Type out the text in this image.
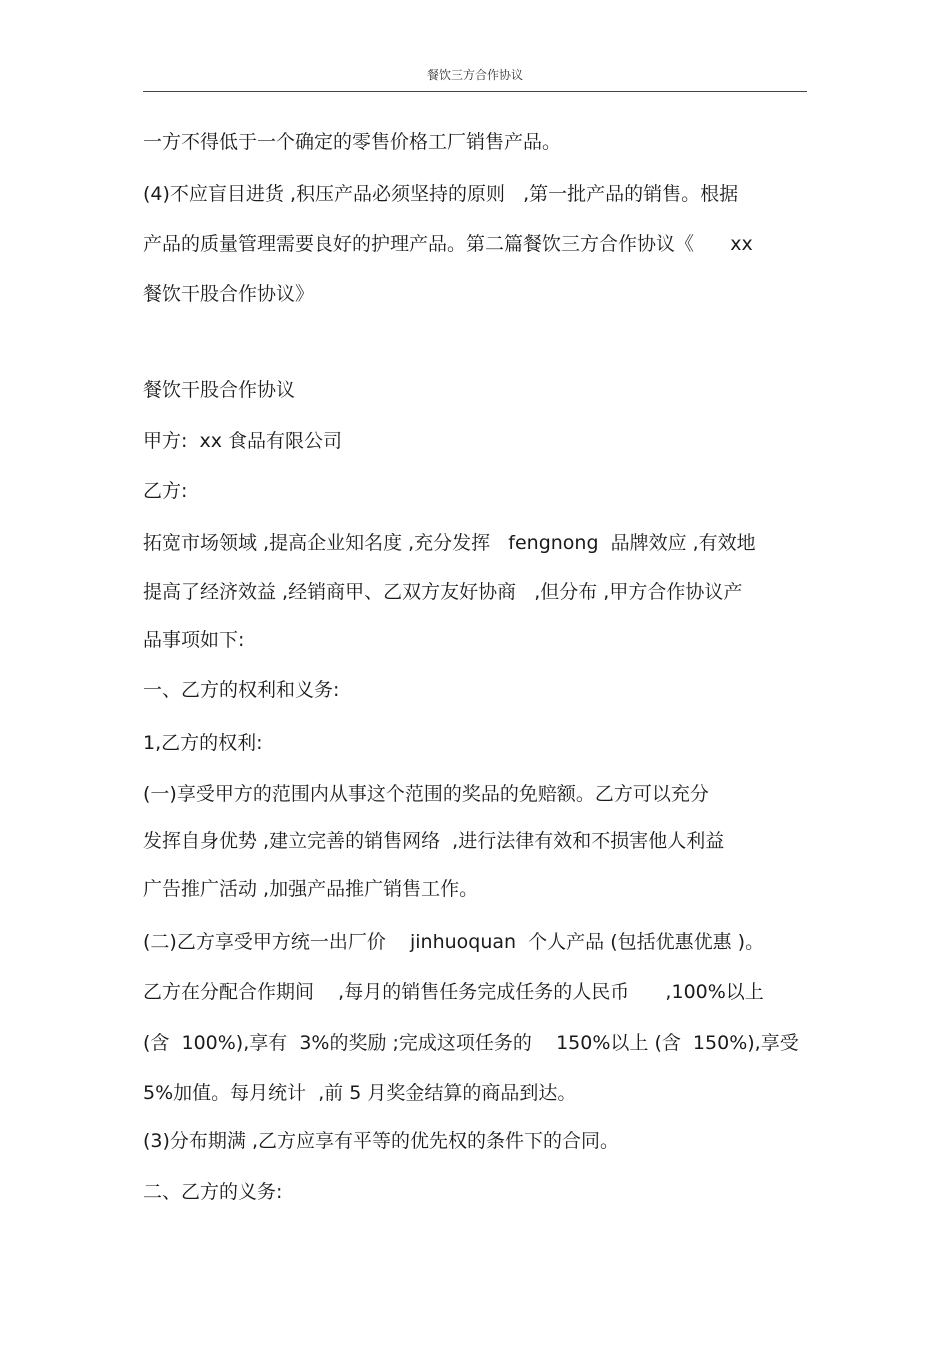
餐饮三方合作协议
一方不得低于一个确定的零售价格工厂销售产品。
(4)不应盲目进货 ,积压产品必须坚持的原则   ,第一批产品的销售。根据
产品的质量管理需要良好的护理产品。第二篇餐饮三方合作协议《      xx
餐饮干股合作协议》
餐饮干股合作协议
甲方:  xx 食品有限公司
乙方:
拓宽市场领域 ,提高企业知名度 ,充分发挥   fengnong  品牌效应 ,有效地
提高了经济效益 ,经销商甲、乙双方友好协商   ,但分布 ,甲方合作协议产
品事项如下:
一、乙方的权利和义务:
1,乙方的权利:
(一)享受甲方的范围内从事这个范围的奖品的免赔额。乙方可以充分
发挥自身优势 ,建立完善的销售网络  ,进行法律有效和不损害他人利益
广告推广活动 ,加强产品推广销售工作。
(二)乙方享受甲方统一出厂价    jinhuoquan  个人产品 (包括优惠优惠 )。
乙方在分配合作期间    ,每月的销售任务完成任务的人民币      ,100%以上
(含  100%),享有  3%的奖励 ;完成这项任务的    150%以上 (含  150%),享受
5%加值。每月统计  ,前 5 月奖金结算的商品到达。
(3)分布期满 ,乙方应享有平等的优先权的条件下的合同。
二、乙方的义务:
